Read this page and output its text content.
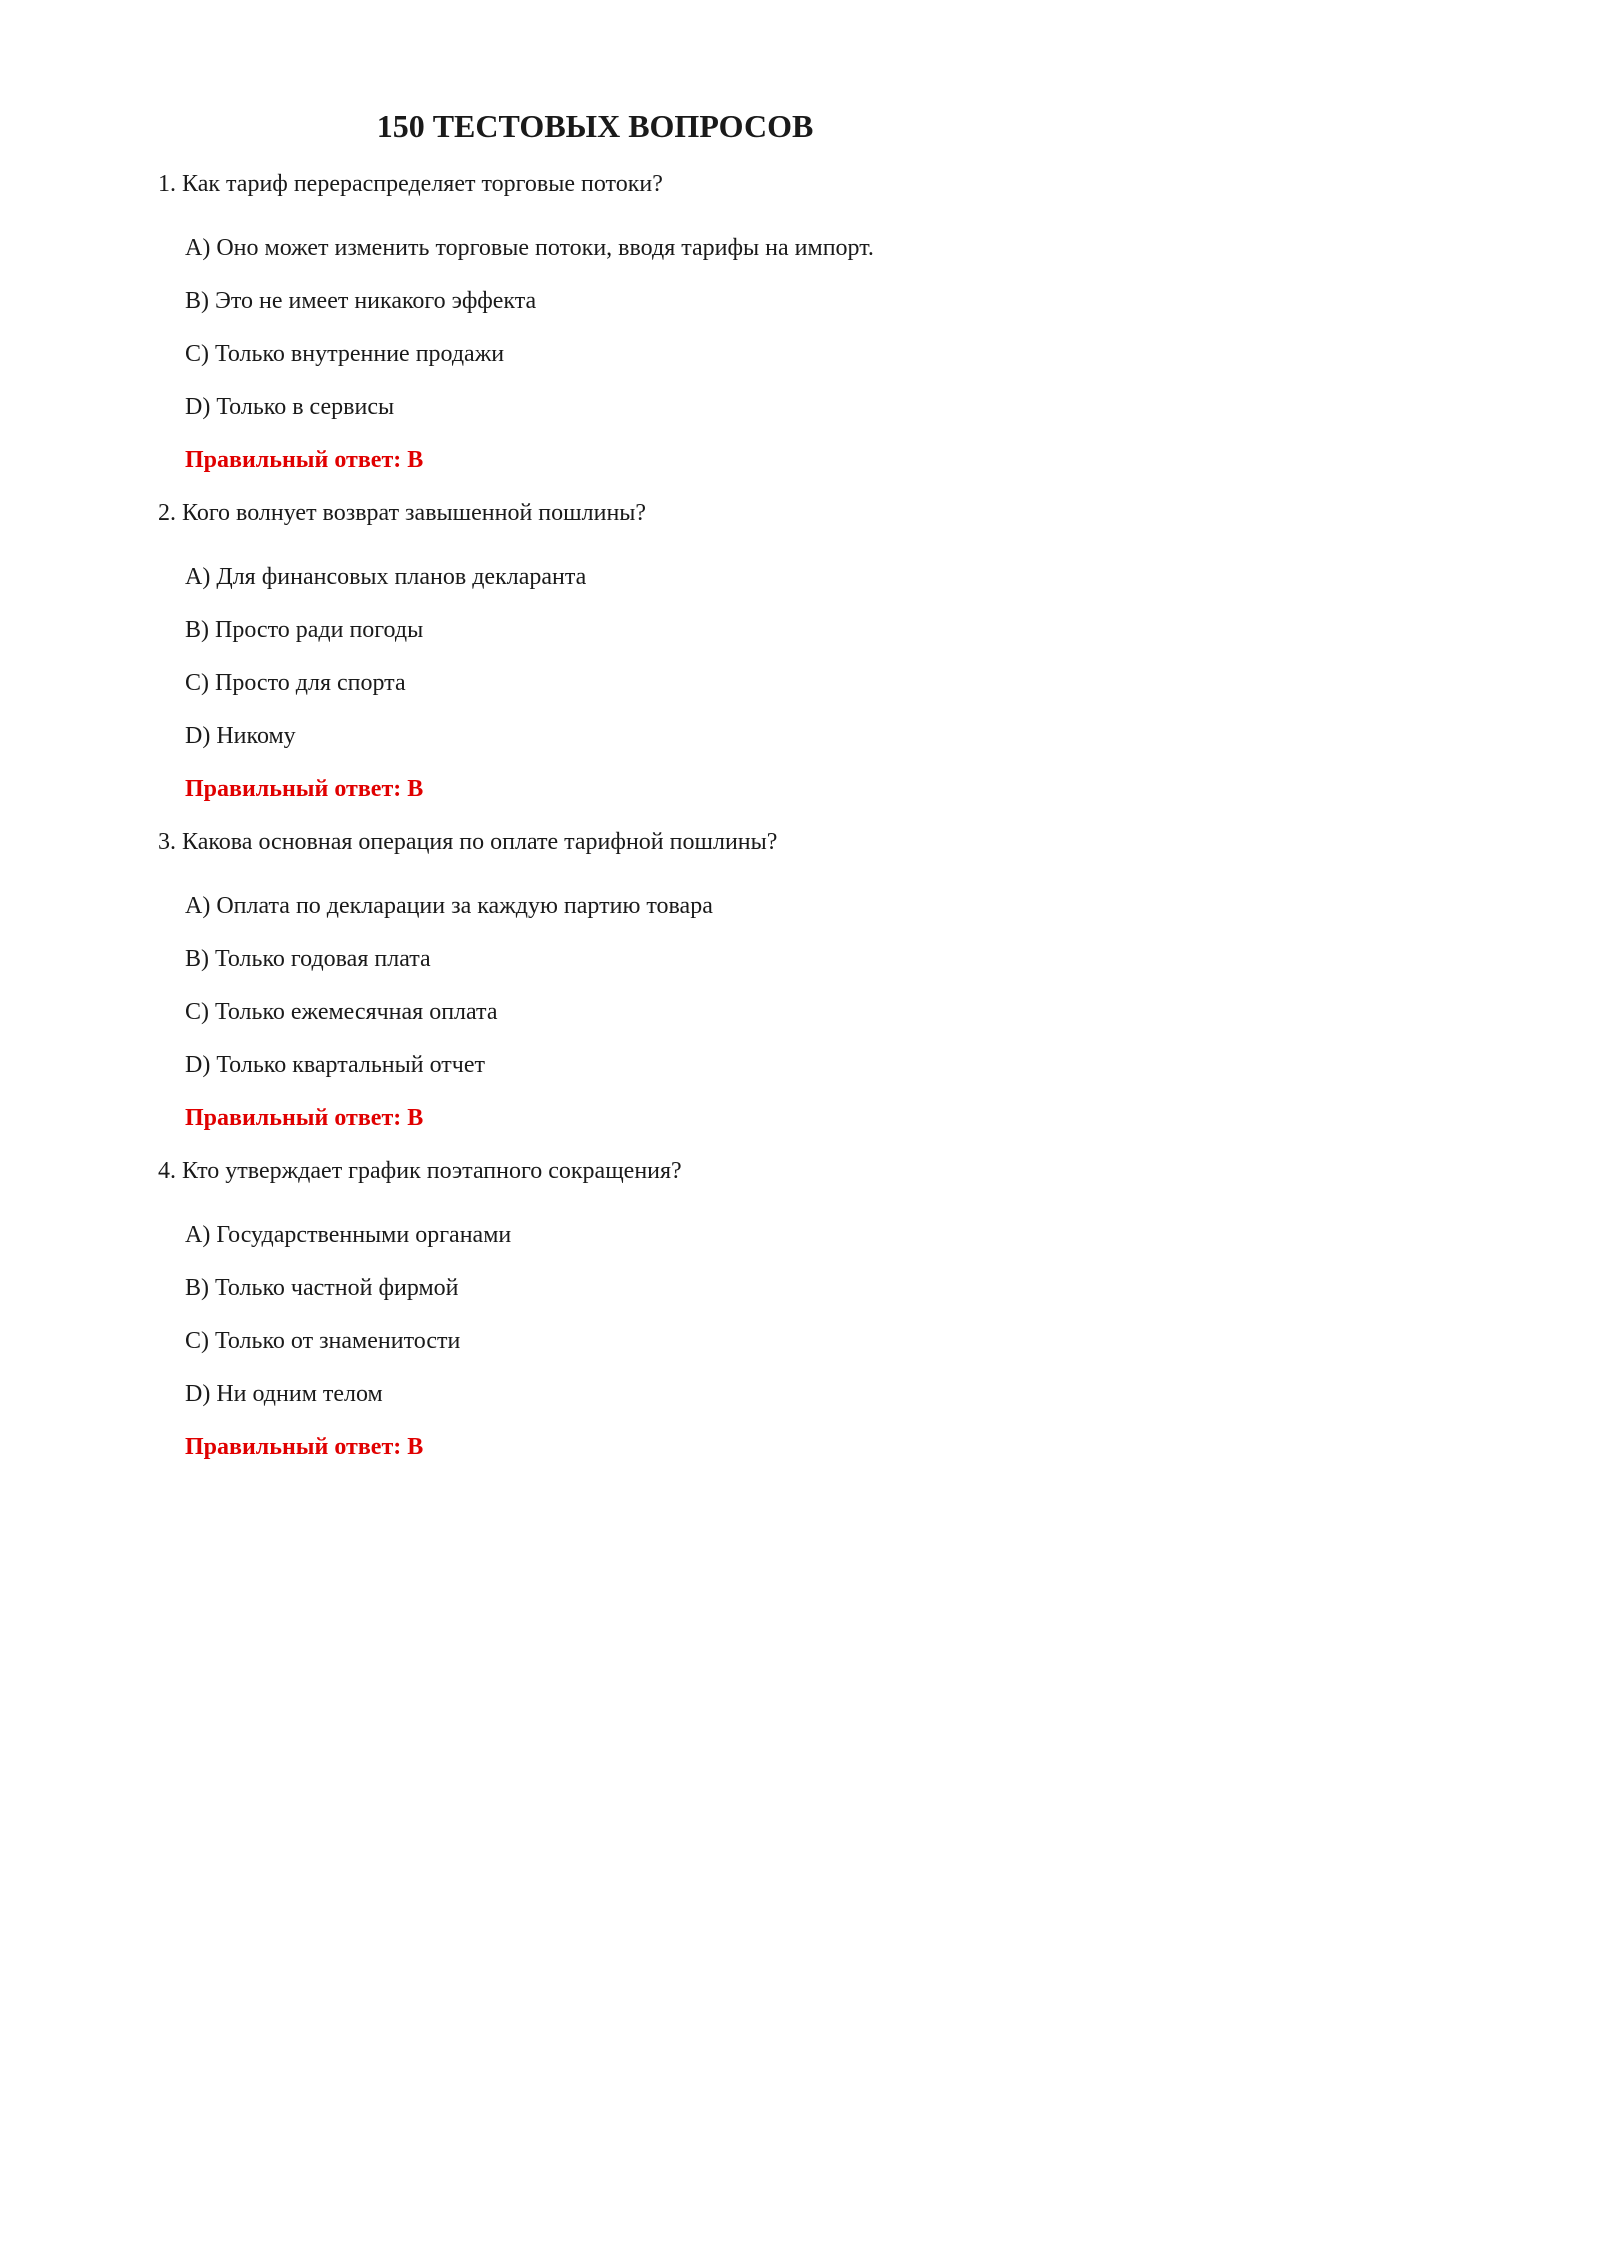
150 ТЕСТОВЫХ ВОПРОСОВ

1. Как тариф перераспределяет торговые потоки?

A) Оно может изменить торговые потоки, вводя тарифы на импорт.

B) Это не имеет никакого эффекта

C) Только внутренние продажи

D) Только в сервисы

Правильный ответ: B

2. Кого волнует возврат завышенной пошлины?

A) Для финансовых планов декларанта

B) Просто ради погоды

C) Просто для спорта

D) Никому

Правильный ответ: B

3. Какова основная операция по оплате тарифной пошлины?

A) Оплата по декларации за каждую партию товара

B) Только годовая плата

C) Только ежемесячная оплата

D) Только квартальный отчет

Правильный ответ: B

4. Кто утверждает график поэтапного сокращения?

A) Государственными органами

B) Только частной фирмой

C) Только от знаменитости

D) Ни одним телом

Правильный ответ: B
